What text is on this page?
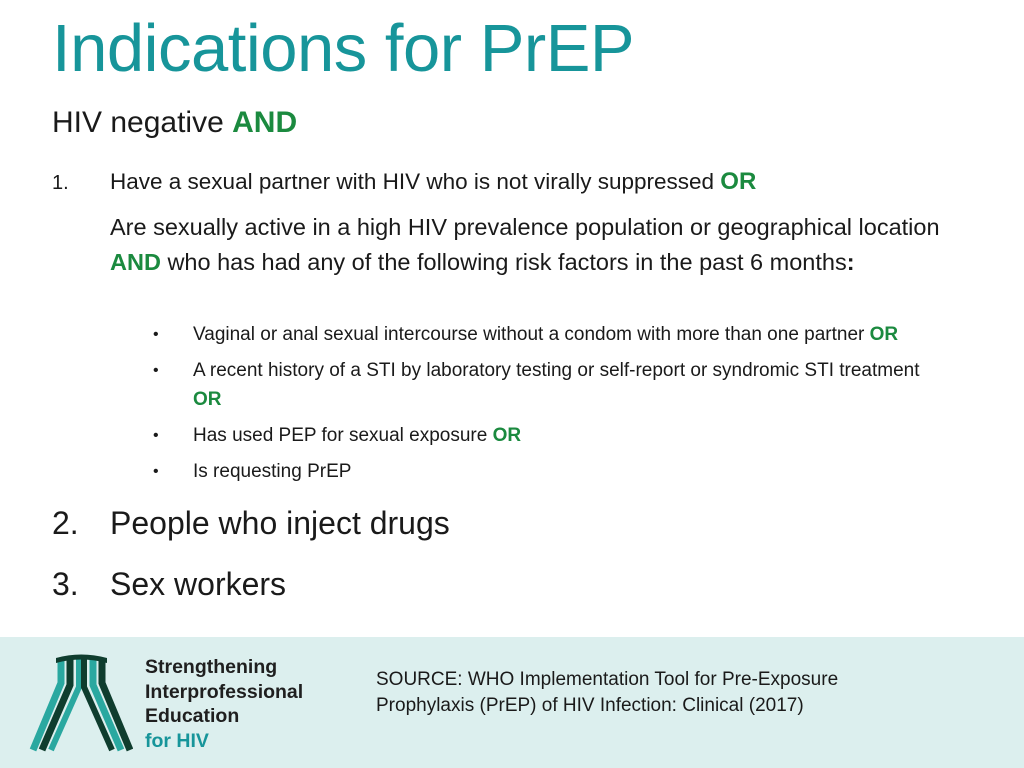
Indications for PrEP
HIV negative AND
1. Have a sexual partner with HIV who is not virally suppressed OR
Are sexually active in a high HIV prevalence population or geographical location AND who has had any of the following risk factors in the past 6 months:
• Vaginal or anal sexual intercourse without a condom with more than one partner OR
• A recent history of a STI by laboratory testing or self-report or syndromic STI treatment OR
• Has used PEP for sexual exposure OR
• Is requesting PrEP
2. People who inject drugs
3. Sex workers
Strengthening
Interprofessional
Education
for HIV
SOURCE: WHO Implementation Tool for Pre-Exposure Prophylaxis (PrEP) of HIV Infection: Clinical (2017)
